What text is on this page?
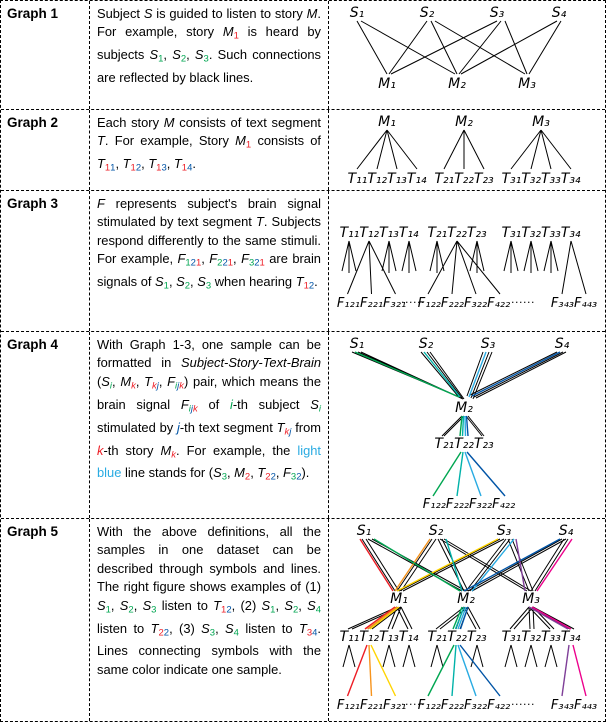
Graph 1	Subject S is guided to listen to story M. For example, story M1 is heard by subjects S1, S2, S3. Such connections are reflected by black lines.
S₁	S₂	S₃	S₄
M₁	M₂	M₃
Graph 2	Each story M consists of text segment T. For example, Story M1 consists of T11, T12, T13, T14.
M₁	M₂	M₃
T₁₁T₁₂T₁₃T₁₄ T₂₁T₂₂T₂₃ T₃₁T₃₂T₃₃T₃₄
Graph 3	F represents subject's brain signal stimulated by text segment T. Subjects respond differently to the same stimuli. For example, F121, F221, F321 are brain signals of S1, S2, S3 when hearing T12.
T₁₁T₁₂T₁₃T₁₄ T₂₁T₂₂T₂₃ T₃₁T₃₂T₃₃T₃₄
F₁₂₁F₂₂₁F₃₂₁ F₁₂₂F₂₂₂F₃₂₂F₄₂₂	F₃₄₃F₄₄₃
......	......
Graph 4	With Graph 1-3, one sample can be formatted in Subject-Story-Text-Brain (Si, Mk, Tkj, Fijk) pair, which means the brain signal Fijk of i-th subject Si stimulated by j-th text segment Tkj from k-th story Mk. For example, the light blue line stands for (S3, M2, T22, F32).
S₁	S₂	S₃	S₄
M₂
T₂₁T₂₂T₂₃
F₁₂₂F₂₂₂F₃₂₂F₄₂₂
Graph 5	With the above definitions, all the samples in one dataset can be described through symbols and lines. The right figure shows examples of (1) S1, S2, S3 listen to T12, (2) S1, S2, S4 listen to T22, (3) S3, S4 listen to T34. Lines connecting symbols with the same color indicate one sample.
S₁	S₂	S₃	S₄
M₁	M₂	M₃
T₁₁T₁₂T₁₃T₁₄ T₂₁T₂₂T₂₃ T₃₁T₃₂T₃₃T₃₄
F₁₂₁F₂₂₁F₃₂₁ F₁₂₂F₂₂₂F₃₂₂F₄₂₂	F₃₄₃F₄₄₃
......	......
